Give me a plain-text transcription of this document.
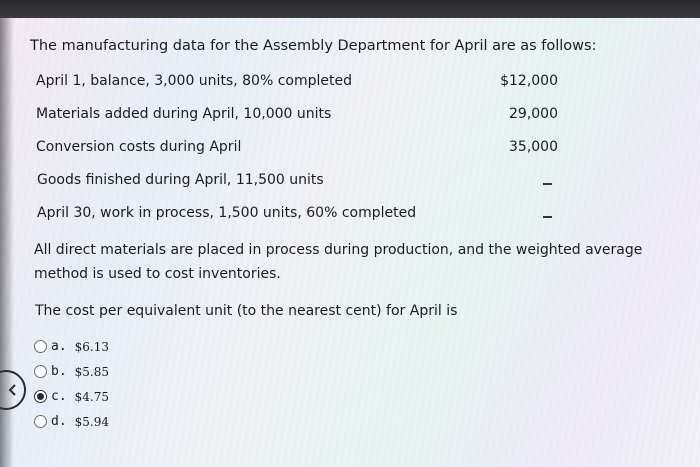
The manufacturing data for the Assembly Department for April are as follows:
April 1, balance, 3,000 units, 80% completed	$12,000
Materials added during April, 10,000 units	29,000
Conversion costs during April	35,000
Goods finished during April, 11,500 units
April 30, work in process, 1,500 units, 60% completed
All direct materials are placed in process during production, and the weighted average method is used to cost inventories.
The cost per equivalent unit (to the nearest cent) for April is
a. $6.13
b. $5.85
c. $4.75
d. $5.94
